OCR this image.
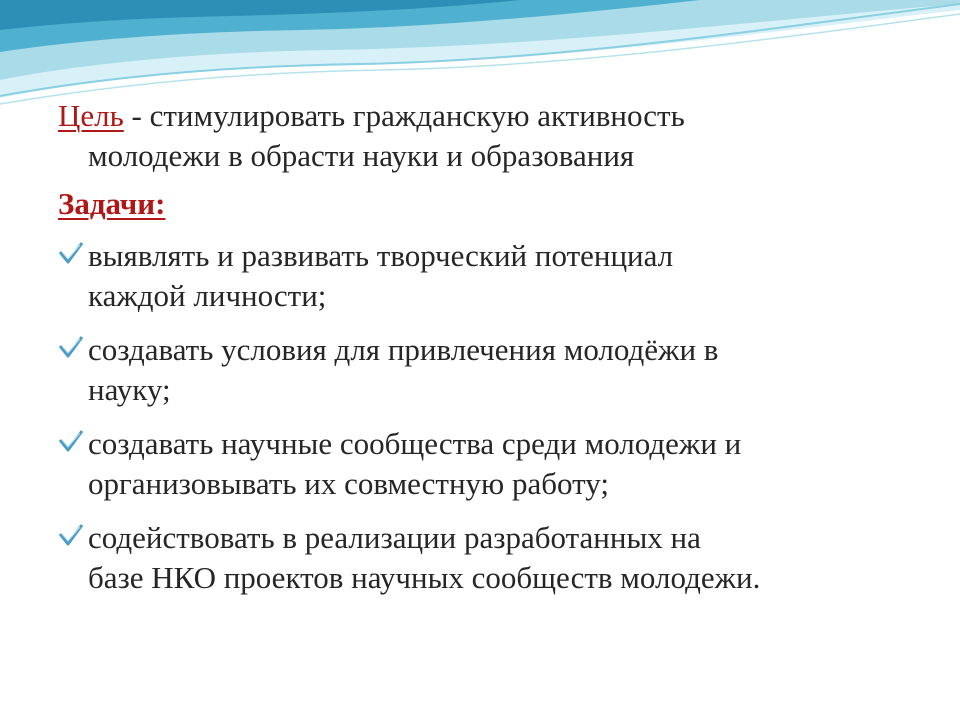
Цель - стимулировать гражданскую активность
молодежи в обрасти науки и образования
Задачи:
выявлять и развивать творческий потенциал
каждой личности;
создавать условия для привлечения молодёжи в
науку;
создавать научные сообщества среди молодежи и
организовывать их совместную работу;
содействовать в реализации разработанных на
базе НКО проектов научных сообществ молодежи.
